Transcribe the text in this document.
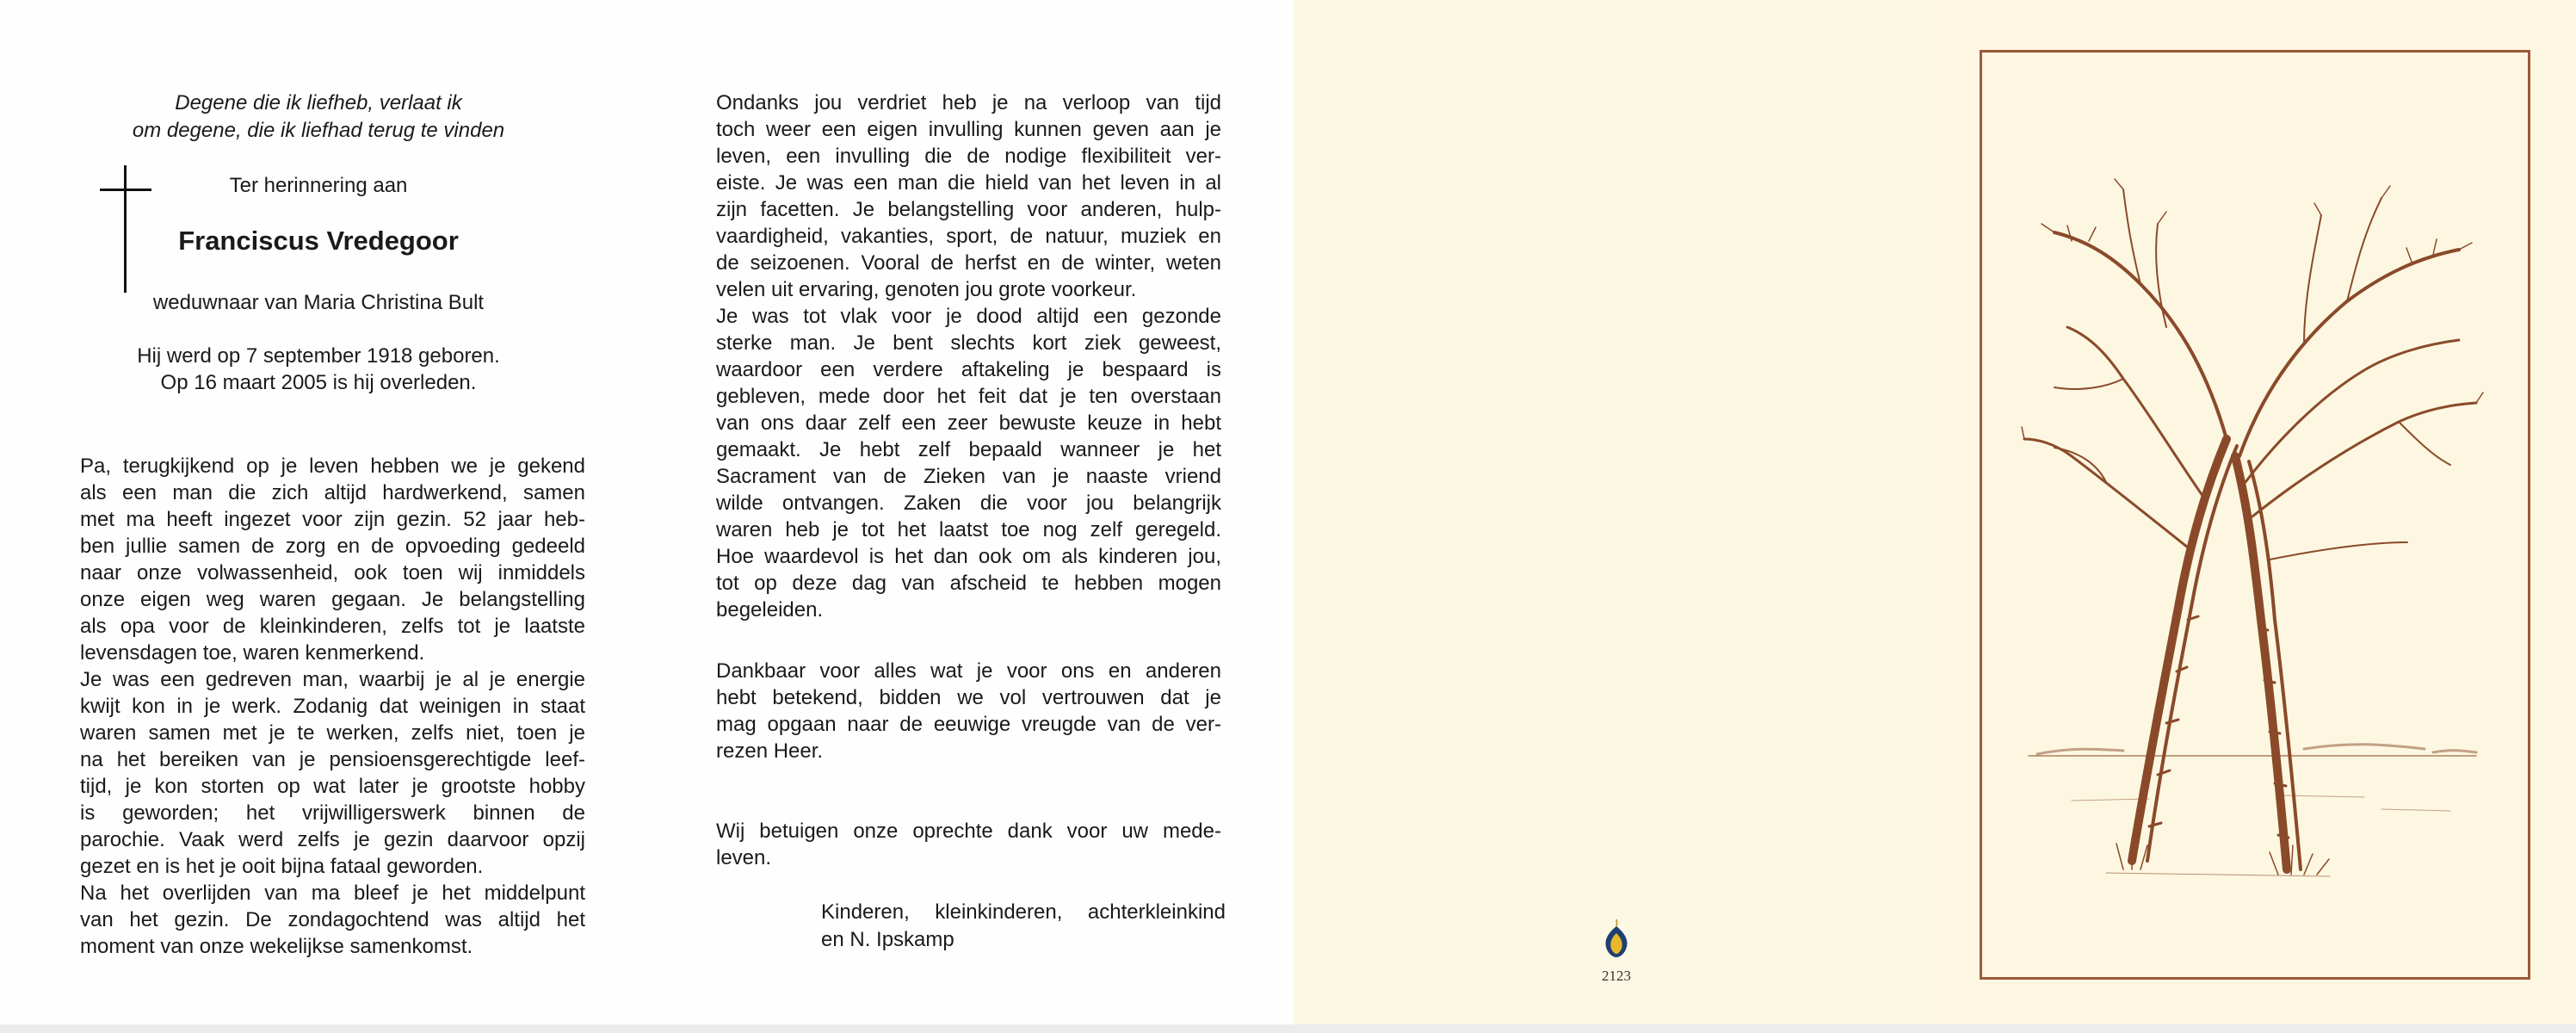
Degene die ik liefheb, verlaat ik
om degene, die ik liefhad terug te vinden
Ter herinnering aan
Franciscus Vredegoor
weduwnaar van Maria Christina Bult
Hij werd op 7 september 1918 geboren.
Op 16 maart 2005 is hij overleden.
Pa, terugkijkend op je leven hebben we je gekend
als een man die zich altijd hardwerkend, samen
met ma heeft ingezet voor zijn gezin. 52 jaar heb-
ben jullie samen de zorg en de opvoeding gedeeld
naar onze volwassenheid, ook toen wij inmiddels
onze eigen weg waren gegaan. Je belangstelling
als opa voor de kleinkinderen, zelfs tot je laatste
levensdagen toe, waren kenmerkend.
Je was een gedreven man, waarbij je al je energie
kwijt kon in je werk. Zodanig dat weinigen in staat
waren samen met je te werken, zelfs niet, toen je
na het bereiken van je pensioensgerechtigde leef-
tijd, je kon storten op wat later je grootste hobby
is geworden; het vrijwilligerswerk binnen de
parochie. Vaak werd zelfs je gezin daarvoor opzij
gezet en is het je ooit bijna fataal geworden.
Na het overlijden van ma bleef je het middelpunt
van het gezin. De zondagochtend was altijd het
moment van onze wekelijkse samenkomst.
Ondanks jou verdriet heb je na verloop van tijd
toch weer een eigen invulling kunnen geven aan je
leven, een invulling die de nodige flexibiliteit ver-
eiste. Je was een man die hield van het leven in al
zijn facetten. Je belangstelling voor anderen, hulp-
vaardigheid, vakanties, sport, de natuur, muziek en
de seizoenen. Vooral de herfst en de winter, weten
velen uit ervaring, genoten jou grote voorkeur.
Je was tot vlak voor je dood altijd een gezonde
sterke man. Je bent slechts kort ziek geweest,
waardoor een verdere aftakeling je bespaard is
gebleven, mede door het feit dat je ten overstaan
van ons daar zelf een zeer bewuste keuze in hebt
gemaakt. Je hebt zelf bepaald wanneer je het
Sacrament van de Zieken van je naaste vriend
wilde ontvangen. Zaken die voor jou belangrijk
waren heb je tot het laatst toe nog zelf geregeld.
Hoe waardevol is het dan ook om als kinderen jou,
tot op deze dag van afscheid te hebben mogen
begeleiden.
Dankbaar voor alles wat je voor ons en anderen
hebt betekend, bidden we vol vertrouwen dat je
mag opgaan naar de eeuwige vreugde van de ver-
rezen Heer.
Wij betuigen onze oprechte dank voor uw mede-
leven.
Kinderen, kleinkinderen, achterkleinkind
en N. Ipskamp
2123
